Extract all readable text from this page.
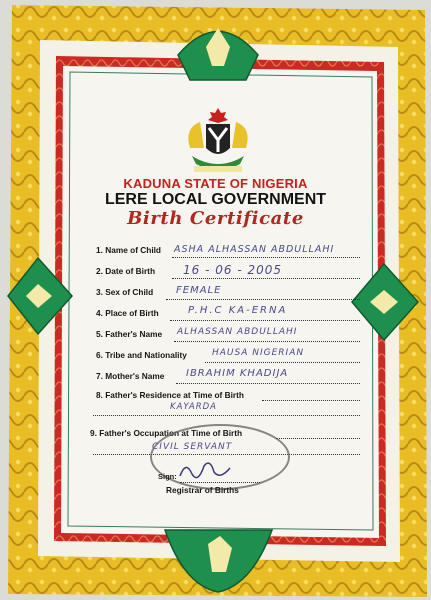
KADUNA STATE OF NIGERIA
LERE LOCAL GOVERNMENT
Birth Certificate
1. Name of Child ASHA ALHASSAN ABDULLAHI
2. Date of Birth 16 - 06 - 2005
3. Sex of Child FEMALE
4. Place of Birth	P.H.C KA-ERNA
5. Father's Name ALHASSAN ABDULLAHI
6. Tribe and Nationality	HAUSA NIGERIAN
7. Mother's Name IBRAHIM KHADIJA
8. Father's Residence at Time of Birth
KAYARDA
9. Father's Occupation at Time of Birth
CIVIL SERVANT
Sign:
Registrar of Births
